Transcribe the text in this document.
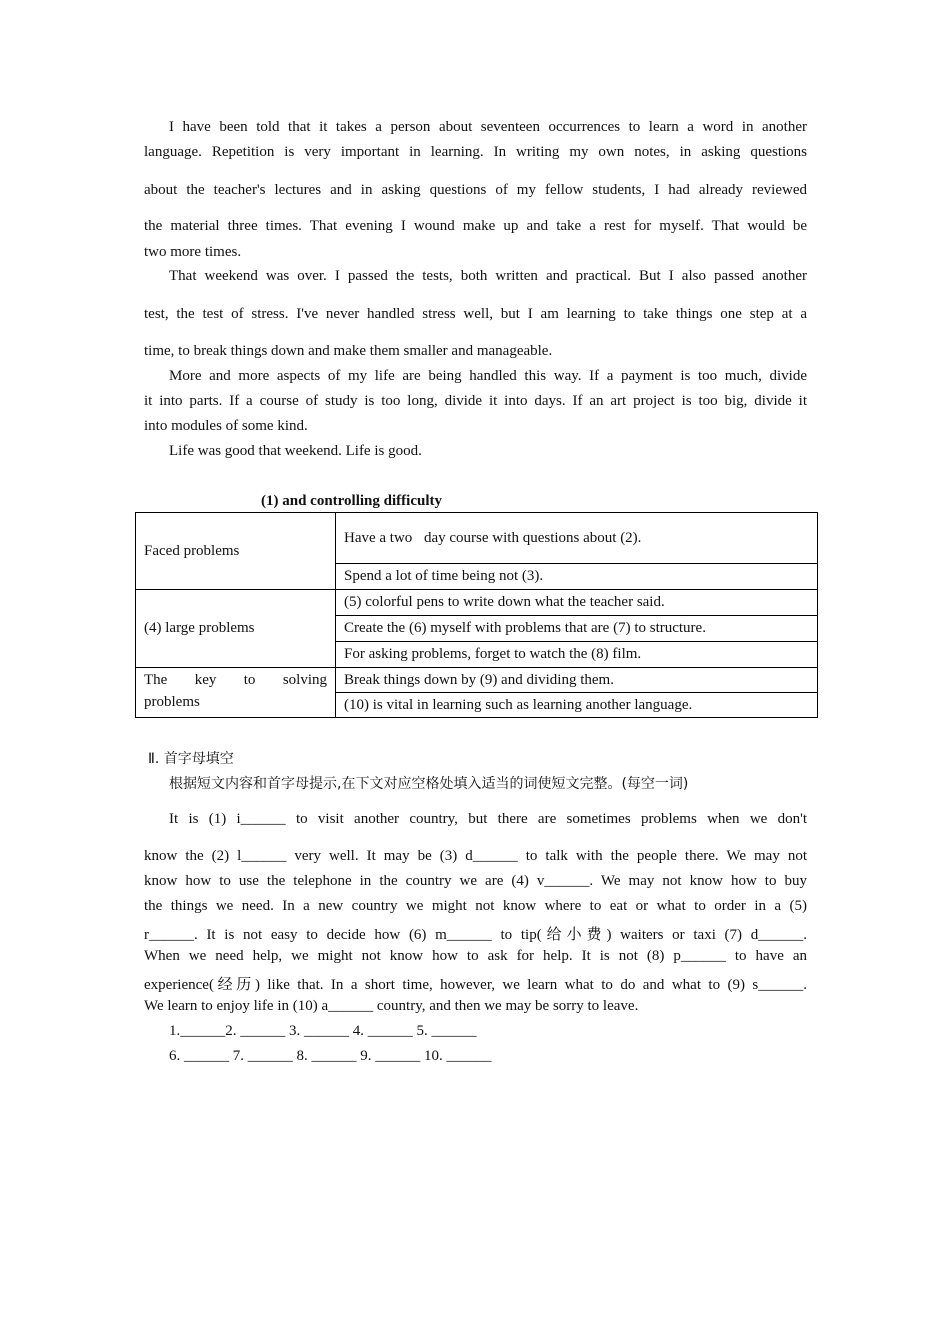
I have been told that it takes a person about seventeen occurrences to learn a word in another

language. Repetition is very important in learning. In writing my own notes, in asking questions

about the teacher's lectures and in asking questions of my fellow students, I had already reviewed

the material three times. That evening I wound make up and take a rest for myself. That would be

two more times.

That weekend was over. I passed the tests, both written and practical. But I also passed another

test, the test of stress. I've never handled stress well, but I am learning to take things one step at a

time, to break things down and make them smaller and manageable.

More and more aspects of my life are being handled this way. If a payment is too much, divide

it into parts. If a course of study is too long, divide it into days. If an art project is too big, divide it

into modules of some kind.

Life was good that weekend. Life is good.

(1) and controlling difficulty

Faced problems	Have a two day course with questions about (2).
	Spend a lot of time being not (3).
(4) large problems	(5) colorful pens to write down what the teacher said.
	Create the (6) myself with problems that are (7) to structure.
	For asking problems, forget to watch the (8) film.

The key to solving
problems	Break things down by (9) and dividing them.
	(10) is vital in learning such as learning another language.

Ⅱ. 首字母填空

根据短文内容和首字母提示,在下文对应空格处填入适当的词使短文完整。(每空一词)

It is (1) i______ to visit another country, but there are sometimes problems when we don't

know the (2) l______ very well. It may be (3) d______ to talk with the people there. We may not

know how to use the telephone in the country we are (4) v______. We may not know how to buy

the things we need. In a new country we might not know where to eat or what to order in a (5)

r______. It is not easy to decide how (6) m______ to tip(给小费) waiters or taxi (7) d______.

When we need help, we might not know how to ask for help. It is not (8) p______ to have an

experience(经历) like that. In a short time, however, we learn what to do and what to (9) s______.

We learn to enjoy life in (10) a______ country, and then we may be sorry to leave.

1.______2. ______ 3. ______ 4. ______ 5. ______

6. ______ 7. ______ 8. ______ 9. ______ 10. ______
